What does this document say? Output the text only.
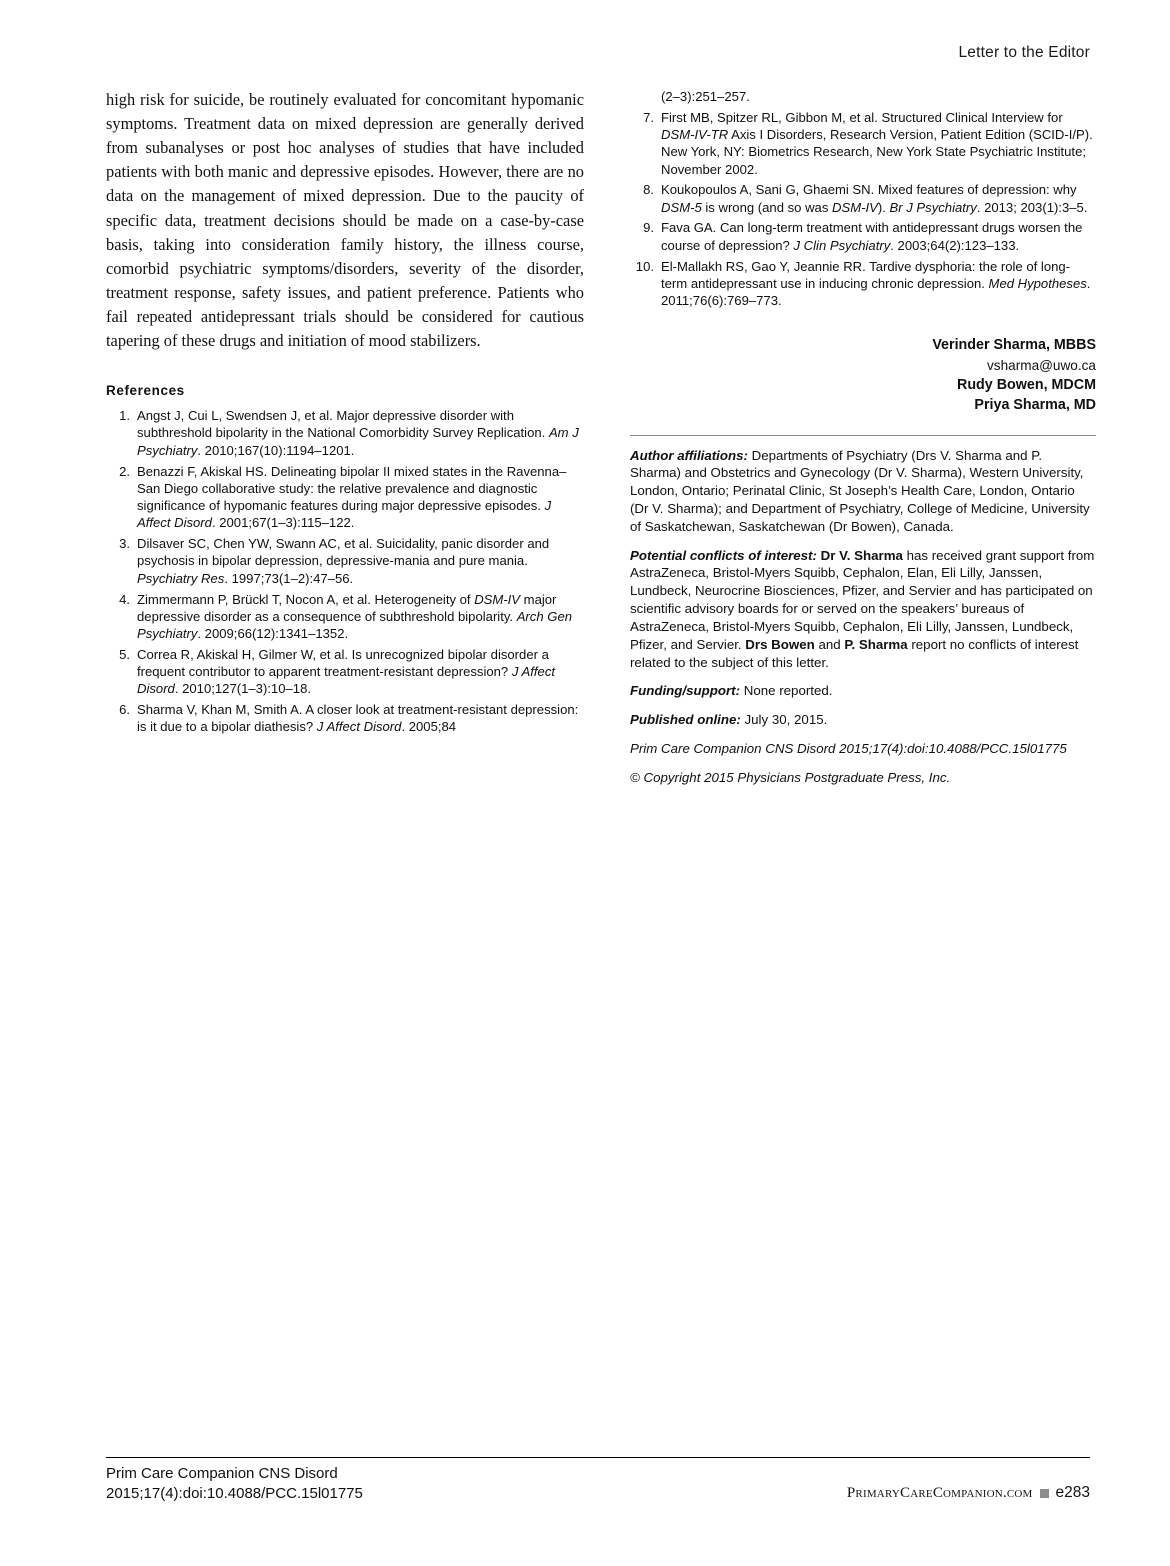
Letter to the Editor

high risk for suicide, be routinely evaluated for concomitant hypomanic symptoms. Treatment data on mixed depression are generally derived from subanalyses or post hoc analyses of studies that have included patients with both manic and depressive episodes. However, there are no data on the management of mixed depression. Due to the paucity of specific data, treatment decisions should be made on a case-by-case basis, taking into consideration family history, the illness course, comorbid psychiatric symptoms/disorders, severity of the disorder, treatment response, safety issues, and patient preference. Patients who fail repeated antidepressant trials should be considered for cautious tapering of these drugs and initiation of mood stabilizers.

References
1. Angst J, Cui L, Swendsen J, et al. Major depressive disorder with subthreshold bipolarity in the National Comorbidity Survey Replication. Am J Psychiatry. 2010;167(10):1194–1201.
2. Benazzi F, Akiskal HS. Delineating bipolar II mixed states in the Ravenna–San Diego collaborative study: the relative prevalence and diagnostic significance of hypomanic features during major depressive episodes. J Affect Disord. 2001;67(1–3):115–122.
3. Dilsaver SC, Chen YW, Swann AC, et al. Suicidality, panic disorder and psychosis in bipolar depression, depressive-mania and pure mania. Psychiatry Res. 1997;73(1–2):47–56.
4. Zimmermann P, Brückl T, Nocon A, et al. Heterogeneity of DSM-IV major depressive disorder as a consequence of subthreshold bipolarity. Arch Gen Psychiatry. 2009;66(12):1341–1352.
5. Correa R, Akiskal H, Gilmer W, et al. Is unrecognized bipolar disorder a frequent contributor to apparent treatment-resistant depression? J Affect Disord. 2010;127(1–3):10–18.
6. Sharma V, Khan M, Smith A. A closer look at treatment-resistant depression: is it due to a bipolar diathesis? J Affect Disord. 2005;84
(2–3):251–257.
7. First MB, Spitzer RL, Gibbon M, et al. Structured Clinical Interview for DSM-IV-TR Axis I Disorders, Research Version, Patient Edition (SCID-I/P). New York, NY: Biometrics Research, New York State Psychiatric Institute; November 2002.
8. Koukopoulos A, Sani G, Ghaemi SN. Mixed features of depression: why DSM-5 is wrong (and so was DSM-IV). Br J Psychiatry. 2013; 203(1):3–5.
9. Fava GA. Can long-term treatment with antidepressant drugs worsen the course of depression? J Clin Psychiatry. 2003;64(2):123–133.
10. El-Mallakh RS, Gao Y, Jeannie RR. Tardive dysphoria: the role of long-term antidepressant use in inducing chronic depression. Med Hypotheses. 2011;76(6):769–773.
Verinder Sharma, MBBS
vsharma@uwo.ca
Rudy Bowen, MDCM
Priya Sharma, MD

Author affiliations: Departments of Psychiatry (Drs V. Sharma and P. Sharma) and Obstetrics and Gynecology (Dr V. Sharma), Western University, London, Ontario; Perinatal Clinic, St Joseph’s Health Care, London, Ontario (Dr V. Sharma); and Department of Psychiatry, College of Medicine, University of Saskatchewan, Saskatchewan (Dr Bowen), Canada.

Potential conflicts of interest: Dr V. Sharma has received grant support from AstraZeneca, Bristol-Myers Squibb, Cephalon, Elan, Eli Lilly, Janssen, Lundbeck, Neurocrine Biosciences, Pfizer, and Servier and has participated on scientific advisory boards for or served on the speakers’ bureaus of AstraZeneca, Bristol-Myers Squibb, Cephalon, Eli Lilly, Janssen, Lundbeck, Pfizer, and Servier. Drs Bowen and P. Sharma report no conflicts of interest related to the subject of this letter.

Funding/support: None reported.

Published online: July 30, 2015.

Prim Care Companion CNS Disord 2015;17(4):doi:10.4088/PCC.15l01775

© Copyright 2015 Physicians Postgraduate Press, Inc.

Prim Care Companion CNS Disord
2015;17(4):doi:10.4088/PCC.15l01775	PrimaryCareCompanion.com e283
